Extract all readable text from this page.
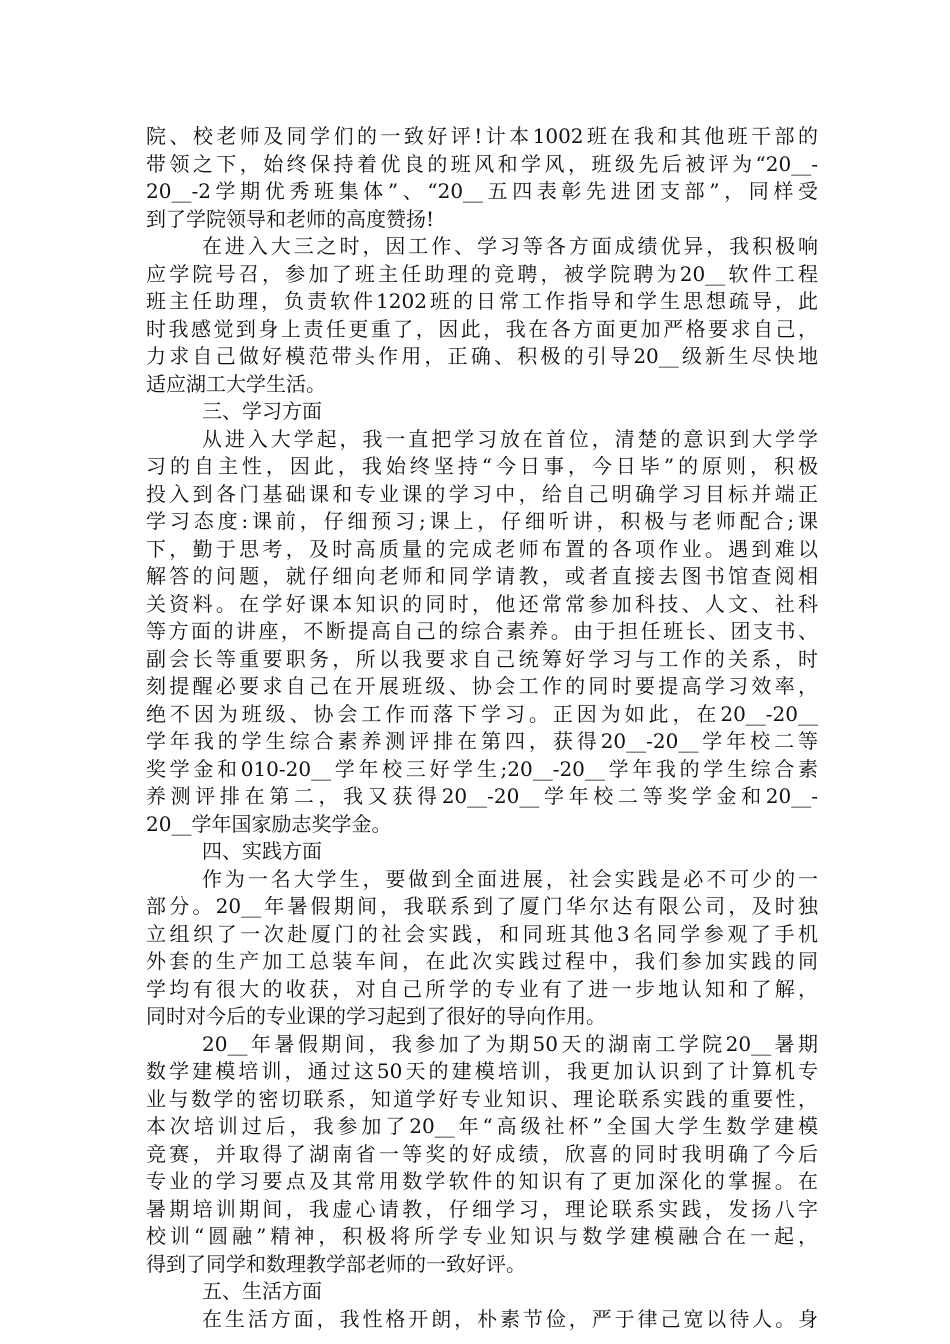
院、校老师及同学们的一致好评!计本1002班在我和其他班干部的
带领之下，始终保持着优良的班风和学风，班级先后被评为“20__-
20__-2学期优秀班集体”、“20__五四表彰先进团支部”，同样受
到了学院领导和老师的高度赞扬!
在进入大三之时，因工作、学习等各方面成绩优异，我积极响
应学院号召，参加了班主任助理的竞聘，被学院聘为20__软件工程
班主任助理，负责软件1202班的日常工作指导和学生思想疏导，此
时我感觉到身上责任更重了，因此，我在各方面更加严格要求自己，
力求自己做好模范带头作用，正确、积极的引导20__级新生尽快地
适应湖工大学生活。
三、学习方面
从进入大学起，我一直把学习放在首位，清楚的意识到大学学
习的自主性，因此，我始终坚持“今日事，今日毕”的原则，积极
投入到各门基础课和专业课的学习中，给自己明确学习目标并端正
学习态度:课前，仔细预习;课上，仔细听讲，积极与老师配合;课
下，勤于思考，及时高质量的完成老师布置的各项作业。遇到难以
解答的问题，就仔细向老师和同学请教，或者直接去图书馆查阅相
关资料。在学好课本知识的同时，他还常常参加科技、人文、社科
等方面的讲座，不断提高自己的综合素养。由于担任班长、团支书、
副会长等重要职务，所以我要求自己统筹好学习与工作的关系，时
刻提醒必要求自己在开展班级、协会工作的同时要提高学习效率，
绝不因为班级、协会工作而落下学习。正因为如此，在20__-20__
学年我的学生综合素养测评排在第四，获得20__-20__学年校二等
奖学金和010-20__学年校三好学生;20__-20__学年我的学生综合素
养测评排在第二，我又获得20__-20__学年校二等奖学金和20__-
20__学年国家励志奖学金。
四、实践方面
作为一名大学生，要做到全面进展，社会实践是必不可少的一
部分。20__年暑假期间，我联系到了厦门华尔达有限公司，及时独
立组织了一次赴厦门的社会实践，和同班其他3名同学参观了手机
外套的生产加工总装车间，在此次实践过程中，我们参加实践的同
学均有很大的收获，对自己所学的专业有了进一步地认知和了解，
同时对今后的专业课的学习起到了很好的导向作用。
20__年暑假期间，我参加了为期50天的湖南工学院20__暑期
数学建模培训，通过这50天的建模培训，我更加认识到了计算机专
业与数学的密切联系，知道学好专业知识、理论联系实践的重要性，
本次培训过后，我参加了20__年“高级社杯”全国大学生数学建模
竞赛，并取得了湖南省一等奖的好成绩，欣喜的同时我明确了今后
专业的学习要点及其常用数学软件的知识有了更加深化的掌握。在
暑期培训期间，我虚心请教，仔细学习，理论联系实践，发扬八字
校训“圆融”精神，积极将所学专业知识与数学建模融合在一起，
得到了同学和数理教学部老师的一致好评。
五、生活方面
在生活方面，我性格开朗，朴素节俭，严于律己宽以待人。身
